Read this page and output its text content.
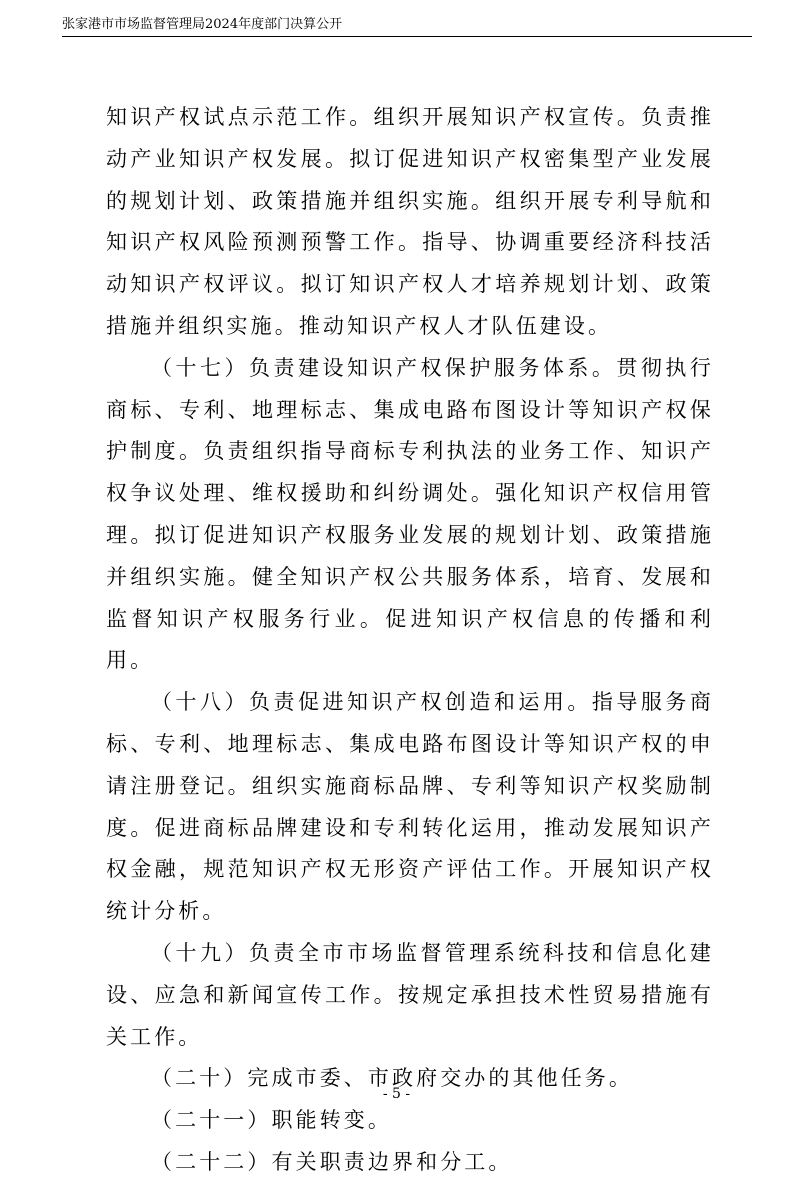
张家港市市场监督管理局2024年度部门决算公开

知识产权试点示范工作。组织开展知识产权宣传。负责推动产业知识产权发展。拟订促进知识产权密集型产业发展的规划计划、政策措施并组织实施。组织开展专利导航和知识产权风险预测预警工作。指导、协调重要经济科技活动知识产权评议。拟订知识产权人才培养规划计划、政策措施并组织实施。推动知识产权人才队伍建设。

（十七）负责建设知识产权保护服务体系。贯彻执行商标、专利、地理标志、集成电路布图设计等知识产权保护制度。负责组织指导商标专利执法的业务工作、知识产权争议处理、维权援助和纠纷调处。强化知识产权信用管理。拟订促进知识产权服务业发展的规划计划、政策措施并组织实施。健全知识产权公共服务体系，培育、发展和监督知识产权服务行业。促进知识产权信息的传播和利用。

（十八）负责促进知识产权创造和运用。指导服务商标、专利、地理标志、集成电路布图设计等知识产权的申请注册登记。组织实施商标品牌、专利等知识产权奖励制度。促进商标品牌建设和专利转化运用，推动发展知识产权金融，规范知识产权无形资产评估工作。开展知识产权统计分析。

（十九）负责全市市场监督管理系统科技和信息化建设、应急和新闻宣传工作。按规定承担技术性贸易措施有关工作。

（二十）完成市委、市政府交办的其他任务。

（二十一）职能转变。

（二十二）有关职责边界和分工。

- 5 -
